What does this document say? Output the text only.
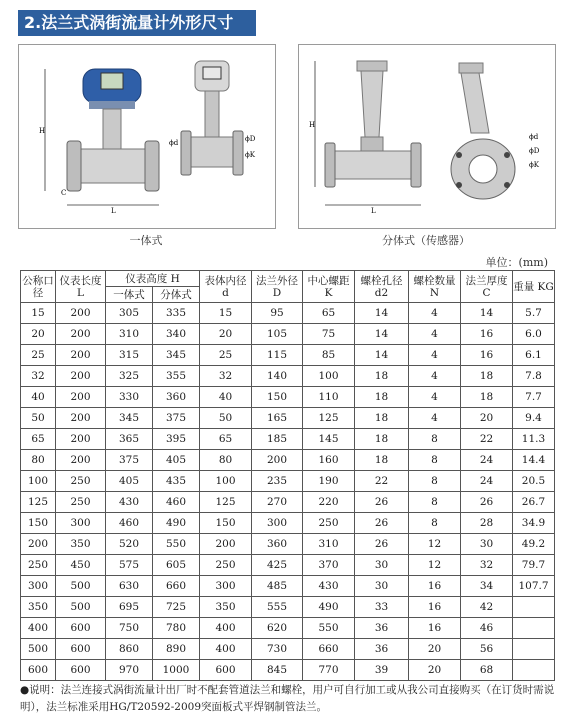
2.法兰式涡街流量计外形尺寸
H
L
C
ϕd	ϕD
ϕK
H
L
ϕd
ϕD
ϕK
一体式	分体式（传感器）
单位：(mm)
公称口径	仪表长度 L	仪表高度 H		表体内径 d	法兰外径 D	中心螺距 K	螺栓孔径 d2	螺栓数量 N	法兰厚度 C	重量 KG
		一体式	分体式							
15	200	305	335	15	95	65	14	4	14	5.7
20	200	310	340	20	105	75	14	4	16	6.0
25	200	315	345	25	115	85	14	4	16	6.1
32	200	325	355	32	140	100	18	4	18	7.8
40	200	330	360	40	150	110	18	4	18	7.7
50	200	345	375	50	165	125	18	4	20	9.4
65	200	365	395	65	185	145	18	8	22	11.3
80	200	375	405	80	200	160	18	8	24	14.4
100	250	405	435	100	235	190	22	8	24	20.5
125	250	430	460	125	270	220	26	8	26	26.7
150	300	460	490	150	300	250	26	8	28	34.9
200	350	520	550	200	360	310	26	12	30	49.2
250	450	575	605	250	425	370	30	12	32	79.7
300	500	630	660	300	485	430	30	16	34	107.7
350	500	695	725	350	555	490	33	16	42	
400	600	750	780	400	620	550	36	16	46	
500	600	860	890	400	730	660	36	20	56	
600	600	970	1000	600	845	770	39	20	68	
●说明：法兰连接式涡街流量计出厂时不配套管道法兰和螺栓，用户可自行加工或从我公司直接购买（在订货时需说明），法兰标准采用HG/T20592-2009突面板式平焊钢制管法兰。
